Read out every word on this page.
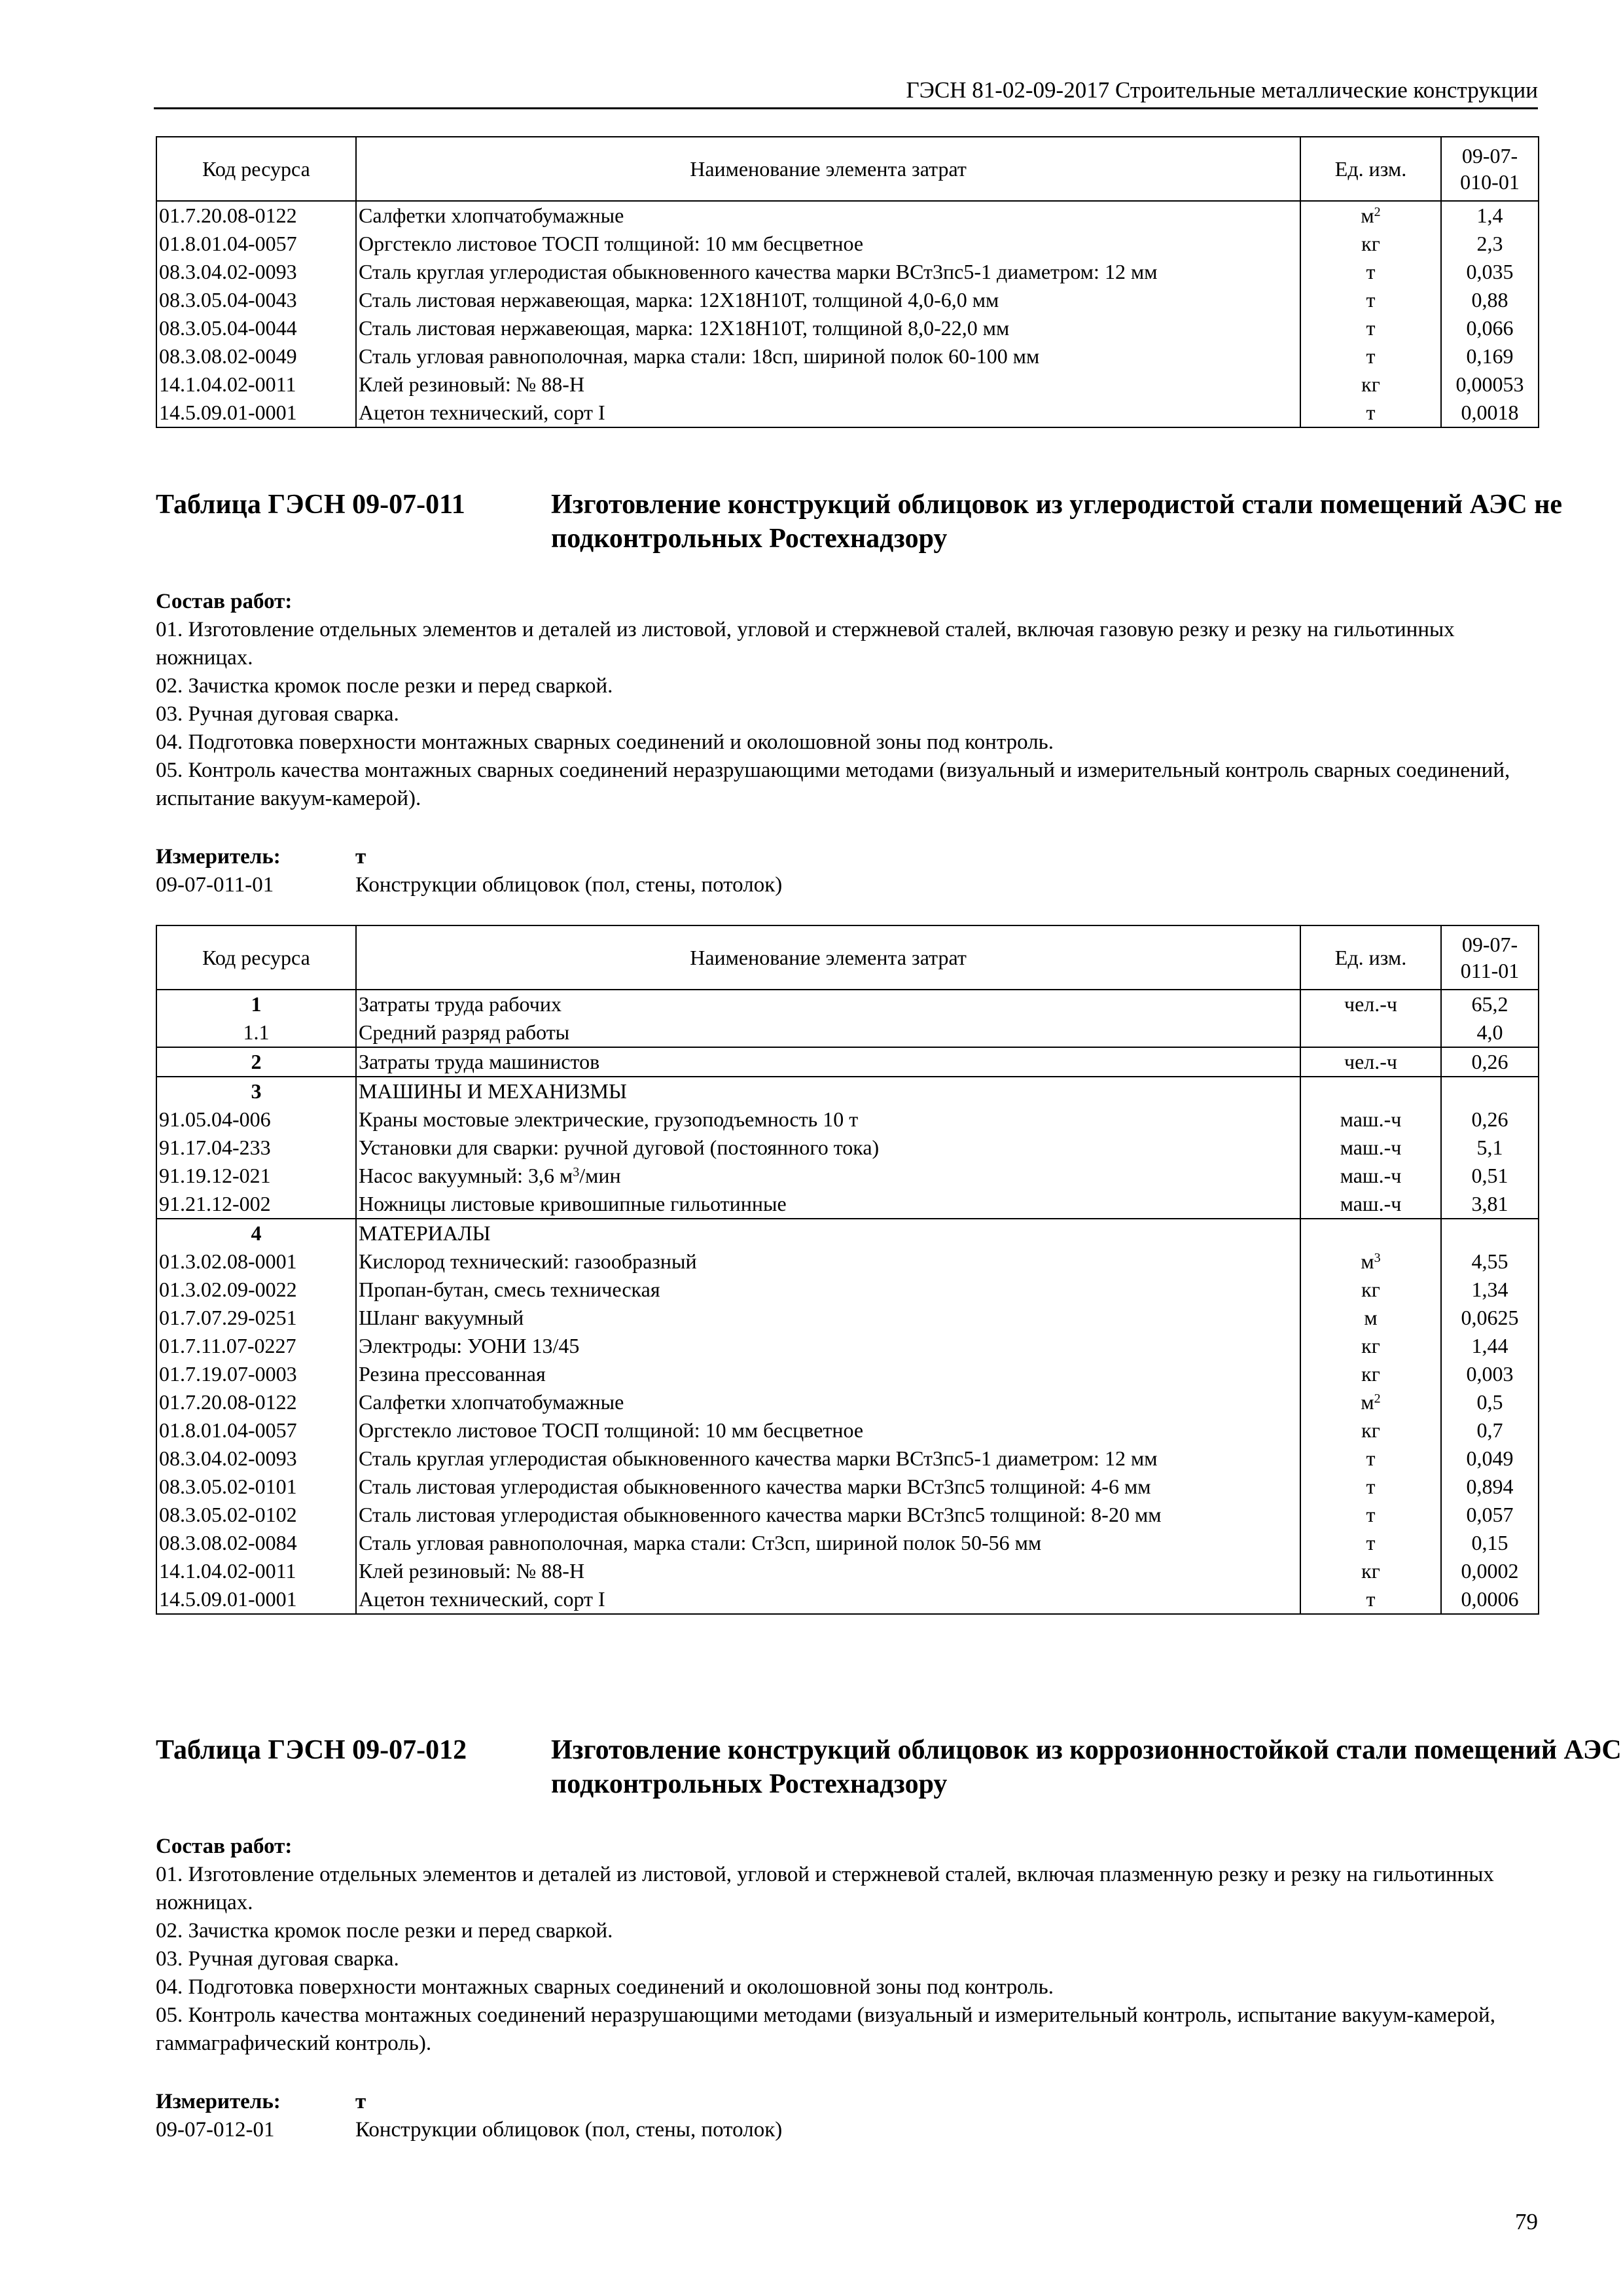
ГЭСН 81-02-09-2017 Строительные металлические конструкции
Код ресурса	Наименование элемента затрат	Ед. изм.	09-07-010-01
01.7.20.08-0122	Салфетки хлопчатобумажные	$м^2$	1,4
01.8.01.04-0057	Оргстекло листовое ТОСП толщиной: 10 мм бесцветное	кг	2,3
08.3.04.02-0093	Сталь круглая углеродистая обыкновенного качества марки ВСт3пс5-1 диаметром: 12 мм	т	0,035
08.3.05.04-0043	Сталь листовая нержавеющая, марка: 12Х18Н10Т, толщиной 4,0-6,0 мм	т	0,88
08.3.05.04-0044	Сталь листовая нержавеющая, марка: 12Х18Н10Т, толщиной 8,0-22,0 мм	т	0,066
08.3.08.02-0049	Сталь угловая равнополочная, марка стали: 18сп, шириной полок 60-100 мм	т	0,169
14.1.04.02-0011	Клей резиновый: № 88-Н	кг	0,00053
14.5.09.01-0001	Ацетон технический, сорт I	т	0,0018
Таблица ГЭСН 09-07-011	Изготовление конструкций облицовок из углеродистой стали помещений АЭС не подконтрольных Ростехнадзору

Состав работ:

01. Изготовление отдельных элементов и деталей из листовой, угловой и стержневой сталей, включая газовую резку и резку на гильотинных ножницах.

02. Зачистка кромок после резки и перед сваркой.

03. Ручная дуговая сварка.

04. Подготовка поверхности монтажных сварных соединений и околошовной зоны под контроль.

05. Контроль качества монтажных сварных соединений неразрушающими методами (визуальный и измерительный контроль сварных соединений, испытание вакуум-камерой).

Измеритель:	т
09-07-011-01	Конструкции облицовок (пол, стены, потолок)
Код ресурса	Наименование элемента затрат	Ед. изм.	09-07-011-01
1	Затраты труда рабочих	чел.-ч	65,2
1.1	Средний разряд работы		4,0
2	Затраты труда машинистов	чел.-ч	0,26
3	МАШИНЫ И МЕХАНИЗМЫ		
91.05.04-006	Краны мостовые электрические, грузоподъемность 10 т	маш.-ч	0,26
91.17.04-233	Установки для сварки: ручной дуговой (постоянного тока)	маш.-ч	5,1
91.19.12-021	Насос вакуумный: 3,6 $м^3$/мин	маш.-ч	0,51
91.21.12-002	Ножницы листовые кривошипные гильотинные	маш.-ч	3,81
4	МАТЕРИАЛЫ		
01.3.02.08-0001	Кислород технический: газообразный	$м^3$	4,55
01.3.02.09-0022	Пропан-бутан, смесь техническая	кг	1,34
01.7.07.29-0251	Шланг вакуумный	м	0,0625
01.7.11.07-0227	Электроды: УОНИ 13/45	кг	1,44
01.7.19.07-0003	Резина прессованная	кг	0,003
01.7.20.08-0122	Салфетки хлопчатобумажные	$м^2$	0,5
01.8.01.04-0057	Оргстекло листовое ТОСП толщиной: 10 мм бесцветное	кг	0,7
08.3.04.02-0093	Сталь круглая углеродистая обыкновенного качества марки ВСт3пс5-1 диаметром: 12 мм	т	0,049
08.3.05.02-0101	Сталь листовая углеродистая обыкновенного качества марки ВСт3пс5 толщиной: 4-6 мм	т	0,894
08.3.05.02-0102	Сталь листовая углеродистая обыкновенного качества марки ВСт3пс5 толщиной: 8-20 мм	т	0,057
08.3.08.02-0084	Сталь угловая равнополочная, марка стали: Ст3сп, шириной полок 50-56 мм	т	0,15
14.1.04.02-0011	Клей резиновый: № 88-Н	кг	0,0002
14.5.09.01-0001	Ацетон технический, сорт I	т	0,0006
Таблица ГЭСН 09-07-012	Изготовление конструкций облицовок из коррозионностойкой стали помещений АЭС подконтрольных Ростехнадзору

Состав работ:

01. Изготовление отдельных элементов и деталей из листовой, угловой и стержневой сталей, включая плазменную резку и резку на гильотинных ножницах.

02. Зачистка кромок после резки и перед сваркой.

03. Ручная дуговая сварка.

04. Подготовка поверхности монтажных сварных соединений и околошовной зоны под контроль.

05. Контроль качества монтажных соединений неразрушающими методами (визуальный и измерительный контроль, испытание вакуум-камерой, гаммаграфический контроль).

Измеритель:	т
09-07-012-01	Конструкции облицовок (пол, стены, потолок)
79
